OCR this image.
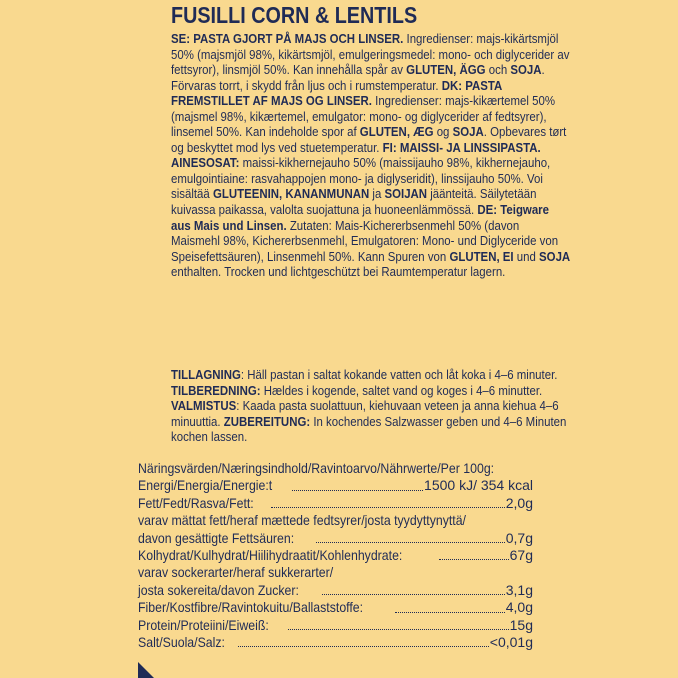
FUSILLI CORN & LENTILS

SE: PASTA GJORT PÅ MAJS OCH LINSER. Ingredienser: majs-kikärtsmjöl 50% (majsmjöl 98%, kikärtsmjöl, emulgeringsmedel: mono- och diglycerider av fettsyror), linsmjöl 50%. Kan innehålla spår av GLUTEN, ÄGG och SOJA. Förvaras torrt, i skydd från ljus och i rumstemperatur. DK: PASTA FREMSTILLET AF MAJS OG LINSER. Ingredienser: majs-kikærtemel 50% (majsmel 98%, kikærtemel, emulgator: mono- og diglycerider af fedtsyrer), linsemel 50%. Kan indeholde spor af GLUTEN, ÆG og SOJA. Opbevares tørt og beskyttet mod lys ved stuetemperatur. FI: MAISSI- JA LINSSIPASTA. AINESOSAT: maissi-kikhernejauho 50% (maissijauho 98%, kikhernejauho, emulgointiaine: rasvahappojen mono- ja diglyseridit), linssijauho 50%. Voi sisältää GLUTEENIN, KANANMUNAN ja SOIJAN jäänteitä. Säilytetään kuivassa paikassa, valolta suojattuna ja huoneenlämmössä. DE: Teigware aus Mais und Linsen. Zutaten: Mais-Kichererbsenmehl 50% (davon Maismehl 98%, Kichererbsenmehl, Emulgatoren: Mono- und Diglyceride von Speisefettsäuren), Linsenmehl 50%. Kann Spuren von GLUTEN, EI und SOJA enthalten. Trocken und lichtgeschützt bei Raumtemperatur lagern.

TILLAGNING: Häll pastan i saltat kokande vatten och låt koka i 4–6 minuter. TILBEREDNING: Hældes i kogende, saltet vand og koges i 4–6 minutter. VALMISTUS: Kaada pasta suolattuun, kiehuvaan veteen ja anna kiehua 4–6 minuuttia. ZUBEREITUNG: In kochendes Salzwasser geben und 4–6 Minuten kochen lassen.

Näringsvärden/Næringsindhold/Ravintoarvo/Nährwerte/Per 100g:
Energi/Energia/Energie:t	1500 kJ/ 354 kcal
Fett/Fedt/Rasva/Fett:	2,0g
varav mättat fett/heraf mættede fedtsyrer/josta tyydyttynyttä/
davon gesättigte Fettsäuren:	0,7g
Kolhydrat/Kulhydrat/Hiilihydraatit/Kohlenhydrate:	67g
varav sockerarter/heraf sukkerarter/
josta sokereita/davon Zucker:	3,1g
Fiber/Kostfibre/Ravintokuitu/Ballaststoffe:	4,0g
Protein/Proteiini/Eiweiß:	15g
Salt/Suola/Salz:	<0,01g
